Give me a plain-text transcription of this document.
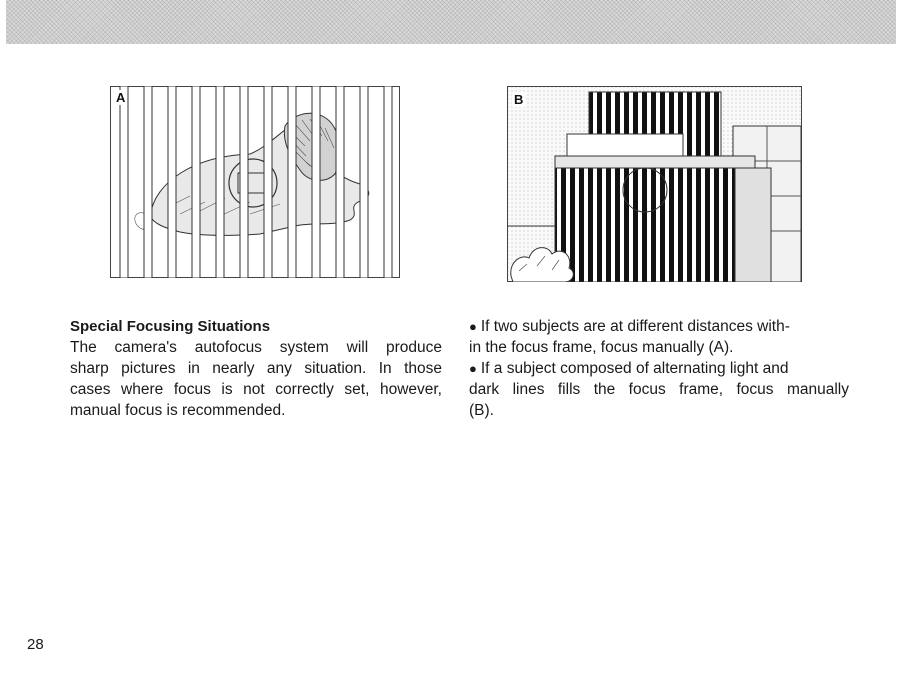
A	B
Special Focusing Situations
The camera's autofocus system will produce
sharp pictures in nearly any situation. In those
cases where focus is not correctly set, however,
manual focus is recommended.
● If two subjects are at different distances with-
in the focus frame, focus manually (A).
● If a subject composed of alternating light and
dark lines fills the focus frame, focus manually
(B).
28
